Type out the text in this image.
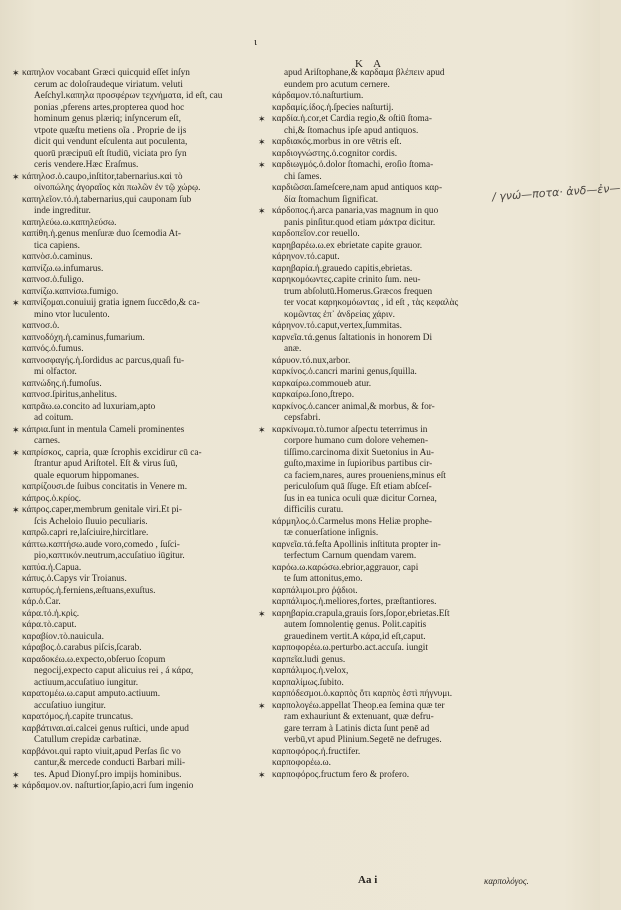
ι
K A
✶ καπηλον vocabant Græci quicquid eſſet inſyn
cerum ac doloſraudeque viriatum. veluti
Aeſchyl.καπηλα προσφέρων τεχνήματα, id eſt, cau
ponias ,pferens artes,propterea quod hoc
hominum genus plæriq; inſyncerum eſt,
vtpote quæſtu metiens oĩa . Proprie de ijs
dicit qui vendunt eſculenta aut poculenta,
quorū præcipuū eſt ſtudiū, viciata pro ſyn
ceris vendere.Hæc Eraſmus.
✶ κάπηλοσ.ὁ.caupo,inſtitor,tabernarius.καὶ τὸ
οἰνοπώλης ἀγοραῖος κὰι πωλῶν ἐν τῷ χώρῳ.
καπηλεῖον.τό.ἡ.tabernarius,qui cauponam ſub
inde ingreditur.
καπηλεύω.ω.καπηλεύσω.
καπίθη.ἡ.genus menſuræ duo ſcemodia At-
tica capiens.
καπνὸσ.ὁ.caminus.
καπνίζω.ω.infumarus.
καπνοσ.ὁ.fuligo.
καπνίζω.καπνίσω.fumigo.
✶ καπνίζομαι.conuiuij gratia ignem ſuccēdo,& ca-
mino vtor luculento.
καπνοσ.ὁ.
καπνοδόχη.ἡ.caminus,fumarium.
καπνός.ὁ.fumus.
καπνοσφαγής.ἡ.ſordidus ac parcus,quaſi fu-
mi olfactor.
καπνώδης.ἡ.fumoſus.
καπνοσ.ſpiritus,anhelitus.
καπρᾶω.ω.concito ad luxuriam,apto
ad coitum.
✶ κάπρια.ſunt in mentula Cameli prominentes
carnes.
✶ καπρίσκος, capria, quæ ſcrophis excidirur cū ca-
ſtrantur apud Ariſtotel. Eſt & virus ſuū,
quale equorum hippomanes.
καπρίζουσι.de ſuibus concitatis in Venere m.
κάπρος.ὁ.κρίος.
✶ κάπρος.caper,membrum genitale viri.Et pi-
ſcis Acheloio ſluuio peculiaris.
καπρῶ.capri re,laſciuire,hircitlare.
κάπτω.καπτήσω.aude voro,comedo , ſuſci-
pio,καπτικόν.neutrum,accuſatiuo iūgitur.
καπύα.ἡ.Capua.
κάπυς.ὁ.Capys vir Troianus.
καπυρός.ἡ.ferniens,æſtuans,exuſtus.
κάρ.ὁ.Car.
κάρα.τό.ἡ.κρὶς.
κάρα.τὸ.caput.
καραβίον.τὸ.nauicula.
κάραβος.ὁ.carabus piſcis,ſcarab.
καραδοκέω.ω.expecto,obſeruo ſcopum
negocij,expecto caput alicuius rei , á κάρα,
actiuum,accuſatiuo iungitur.
καρατομέω.ω.caput amputo.actiuum.
accuſatiuo iungitur.
καρατόμος.ἡ.capite truncatus.
καρβάτιναι.αἱ.calcei genus ruſtici, unde apud
Catullum crepidæ carbatinæ.
καρβάνοι.qui rapto viuit,apud Perſas ſic vo
cantur,& mercede conducti Barbari mili-
✶ tes. Apud Dionyſ.pro impijs hominibus.
✶ κάρδαμον.ον. naſturtior,ſapio,acri ſum ingenio
apud Ariſtophane,& καρδαμα βλέπειν apud
eundem pro acutum cernere.
κάρδαμον.τό.naſturtium.
καρδαμίς.ίδος.ἡ.ſpecies naſturtij.
✶ καρδία.ἡ.cor,et Cardia regio,& oſtiū ſtoma-
chi,& ſtomachus ipſe apud antiquos.
✶ καρδιακός.morbus in ore vētris eſt.
καρδιογνώστης.ὁ.cognitor cordis.
✶ καρδιωγμός.ὁ.dolor ſtomachi, eroſio ſtoma-
chi ſames.
καρδιῶσαι.ſameſcere,nam apud antiquos καρ-
δία ſtomachum ſignificat.
✶ κάρδοπος.ἡ.arca panaria,vas magnum in quo
panis pinſitur.quod etiam μάκτρα dicitur.
καρδοπεῖον.cor reuello.
καρηβαρέω.ω.ex ebrietate capite grauor.
κάρηνον.τό.caput.
καρηβαρία.ἡ.grauedo capitis,ebrietas.
καρηκομόωντες.capite crinito ſum. neu-
trum abſolutū.Homerus.Græcos frequen
ter vocat καρηκομόωντας , id eſt , τὰς κεφαλὰς
κομῶντας ἐπ᾽ ἀνδρείας χάριν.
κάρηνον.τό.caput,vertex,ſummitas.
καρνεῖα.τά.genus ſaltationis in honorem Di
anæ.
κάρυον.τό.nux,arbor.
καρκίνος.ὁ.cancri marini genus,ſquilla.
καρκαίρω.commoueb atur.
καρκαίρω.ſono,ſtrepo.
καρκίνος.ὁ.cancer animal,& morbus, & for-
cepsfabri.
✶ καρκίνωμα.τὸ.tumor aſpectu teterrimus in
corpore humano cum dolore vehemen-
tiſſimo.carcinoma dixit Suetonius in Au-
guſto,maxime in ſupioribus partibus cir-
ca faciem,nares, aures proueniens,minus eſt
periculoſum quā ſſuge. Eſt etiam abſceſ-
ſus in ea tunica oculi quæ dicitur Cornea,
difficilis curatu.
κάρμηλος.ὁ.Carmelus mons Heliæ prophe-
tæ conuerſatione inſignis.
καρνεῖα.τά.feſta Apollinis inſtituta propter in-
terfectum Carnum quendam varem.
καρόω.ω.καρώσω.ebrior,aggrauor, capi
te ſum attonitus,emo.
καρπάλιμοι.pro ῥᾴδιοι.
καρπάλιμος.ἡ.meliores,fortes, præſtantiores.
✶ καρηβαρία.crapula,grauis ſors,ſopor,ebrietas.Eſt
autem ſomnolentię genus. Polit.capitis
grauedinem vertit.A κάρα,id eſt,caput.
καρποφορέω.ω.perturbo.act.accuſa. iungit
καρπεῖα.ludi genus.
καρπάλιμος.ἡ.velox,
καρπαλίμως.ſubito.
καρπόδεσμοι.ὁ.καρπὸς ὅτι καρπὸς ἐστὶ πήγνυμι.
✶ καρπολογέω.appellat Theop.ea ſemina quæ ter
ram exhauriunt & extenuant, quæ defru-
gare terram à Latinis dicta ſunt penē ad
verbū,vt apud Plinium.Segetē ne defruges.
καρποφόρος.ἡ.fructifer.
καρποφορέω.ω.
✶ καρποφόρος.fructum fero & profero.
/ γνώ—ποτα· ἀνδ—ἐν—
Aa i	καρπολόγος.
